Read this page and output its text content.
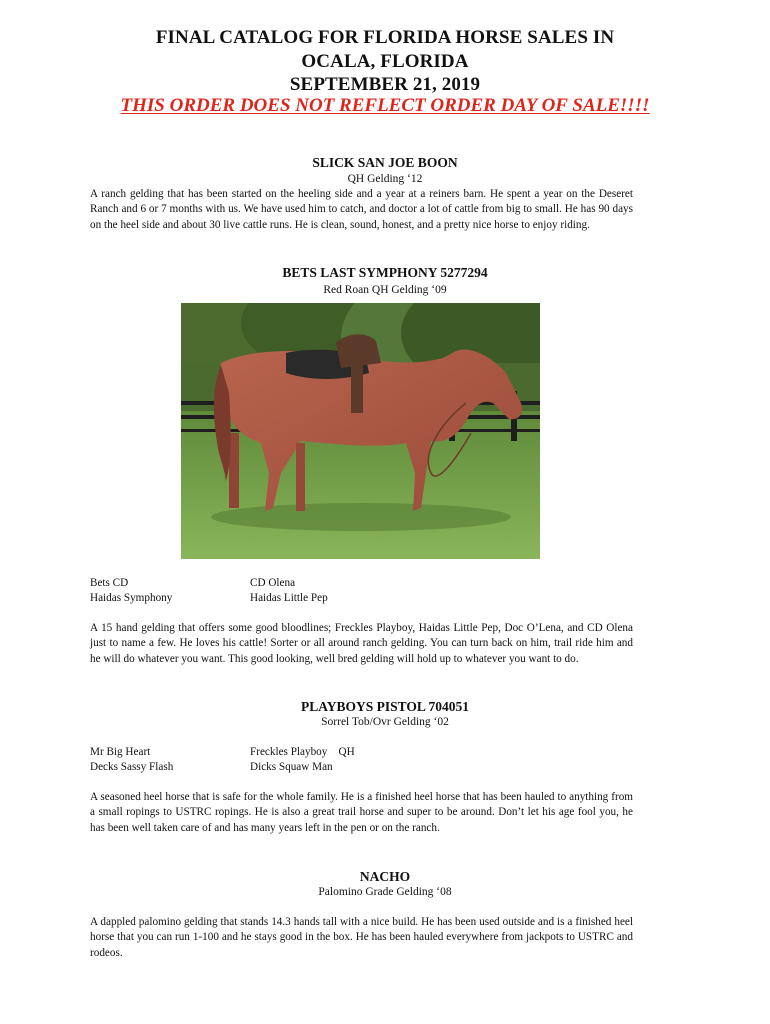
FINAL CATALOG FOR FLORIDA HORSE SALES IN
OCALA, FLORIDA
SEPTEMBER 21, 2019
THIS ORDER DOES NOT REFLECT ORDER DAY OF SALE!!!!
SLICK SAN JOE BOON
QH Gelding ‘12

A ranch gelding that has been started on the heeling side and a year at a reiners barn. He spent a year on the Deseret Ranch and 6 or 7 months with us. We have used him to catch, and doctor a lot of cattle from big to small. He has 90 days on the heel side and about 30 live cattle runs. He is clean, sound, honest, and a pretty nice horse to enjoy riding.

BETS LAST SYMPHONY 5277294
Red Roan QH Gelding ‘09
Bets CD
Haidas Symphony
CD Olena
Haidas Little Pep

A 15 hand gelding that offers some good bloodlines; Freckles Playboy, Haidas Little Pep, Doc O’Lena, and CD Olena just to name a few. He loves his cattle! Sorter or all around ranch gelding. You can turn back on him, trail ride him and he will do whatever you want. This good looking, well bred gelding will hold up to whatever you want to do.

PLAYBOYS PISTOL 704051
Sorrel Tob/Ovr Gelding ‘02
Mr Big Heart
Decks Sassy Flash
Freckles Playboy    QH
Dicks Squaw Man

A seasoned heel horse that is safe for the whole family. He is a finished heel horse that has been hauled to anything from a small ropings to USTRC ropings. He is also a great trail horse and super to be around. Don’t let his age fool you, he has been well taken care of and has many years left in the pen or on the ranch.

NACHO
Palomino Grade Gelding ‘08

A dappled palomino gelding that stands 14.3 hands tall with a nice build. He has been used outside and is a finished heel horse that you can run 1-100 and he stays good in the box. He has been hauled everywhere from jackpots to USTRC and rodeos.
